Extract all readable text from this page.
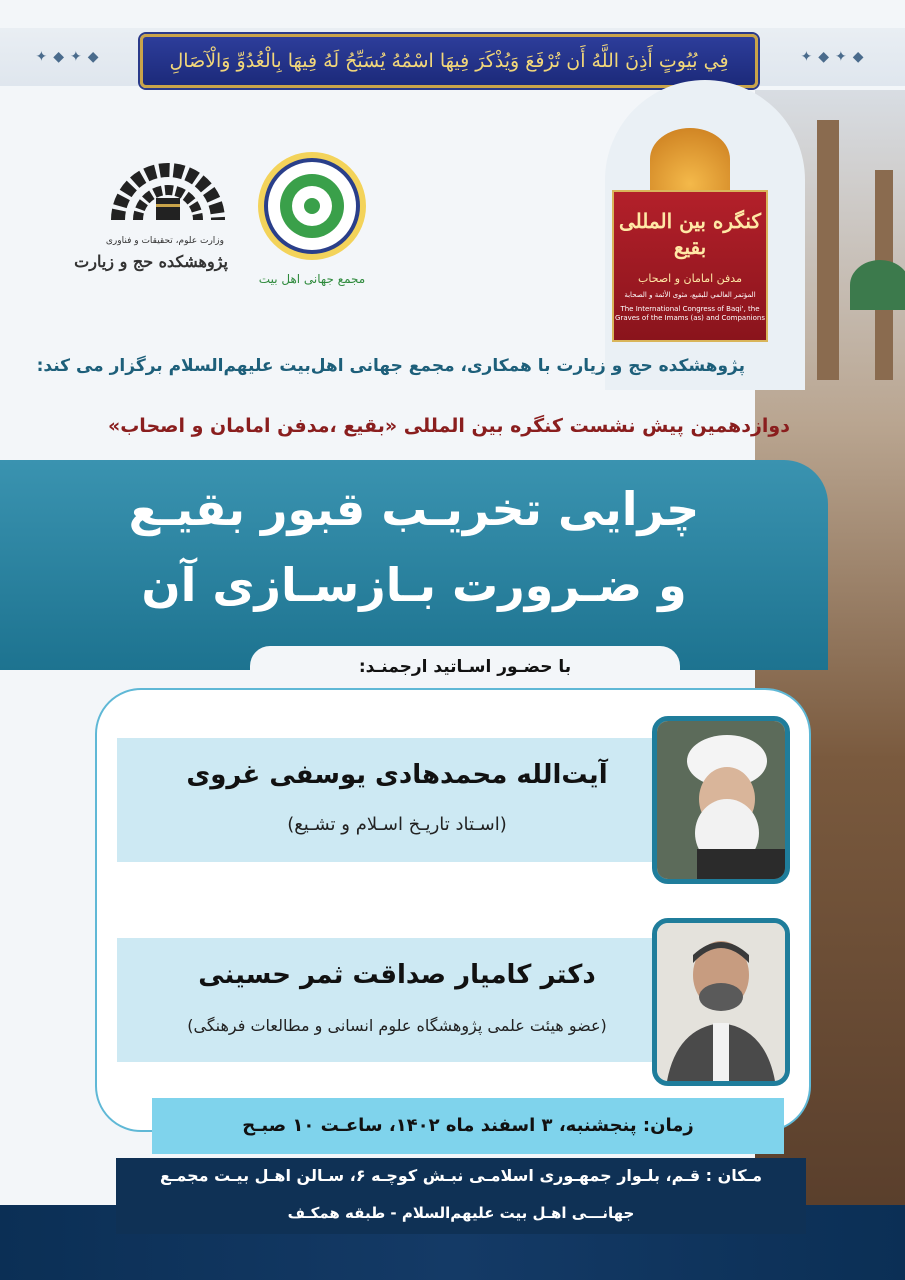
✦◆✦◆	✦◆✦◆
فِي بُيُوتٍ أَذِنَ اللَّهُ أَن تُرْفَعَ وَيُذْكَرَ فِيهَا اسْمُهُ يُسَبِّحُ لَهُ فِيهَا بِالْغُدُوِّ وَالْآصَالِ
کنگره بین المللی بقیع
مدفن امامان و اصحاب
المؤتمر العالمي للبقيع، مثوى الأئمة و الصحابة
The International Congress of Baqi', the Graves of the Imams (as) and Companions
وزارت علوم، تحقیقات و فناوری
پژوهشکده حج و زیارت
مجمع جهانی اهل بیت
پژوهشکده حج و زیارت با همکاری، مجمع جهانی اهل‌بیت عليهم‌السلام برگزار می کند:
دوازدهمین پیش نشست کنگره بین المللی «بقیع ،مدفن امامان و اصحاب»
چرایی تخریـب قبور بقیـع
و ضـرورت بـازسـازی آن
با حضـور اسـاتید ارجمنـد:
آیت‌الله محمدهادی یوسفی غروی
(اسـتاد تاریـخ اسـلام و تشـیع)
دکتر کامیار صداقت ثمر حسینی
(عضو هیئت علمی پژوهشگاه علوم انسانی و مطالعات فرهنگی)
زمان: پنجشنبه، ۳ اسفند ماه ۱۴۰۲، ساعـت ۱۰ صبـح
مـکان : قـم، بلـوار جمهـوری اسلامـی نبـش کوچـه ۶، سـالن اهـل بیـت مجمـع
جهانـــی اهـل بیت عليهم‌السلام - طبقه همکـف
